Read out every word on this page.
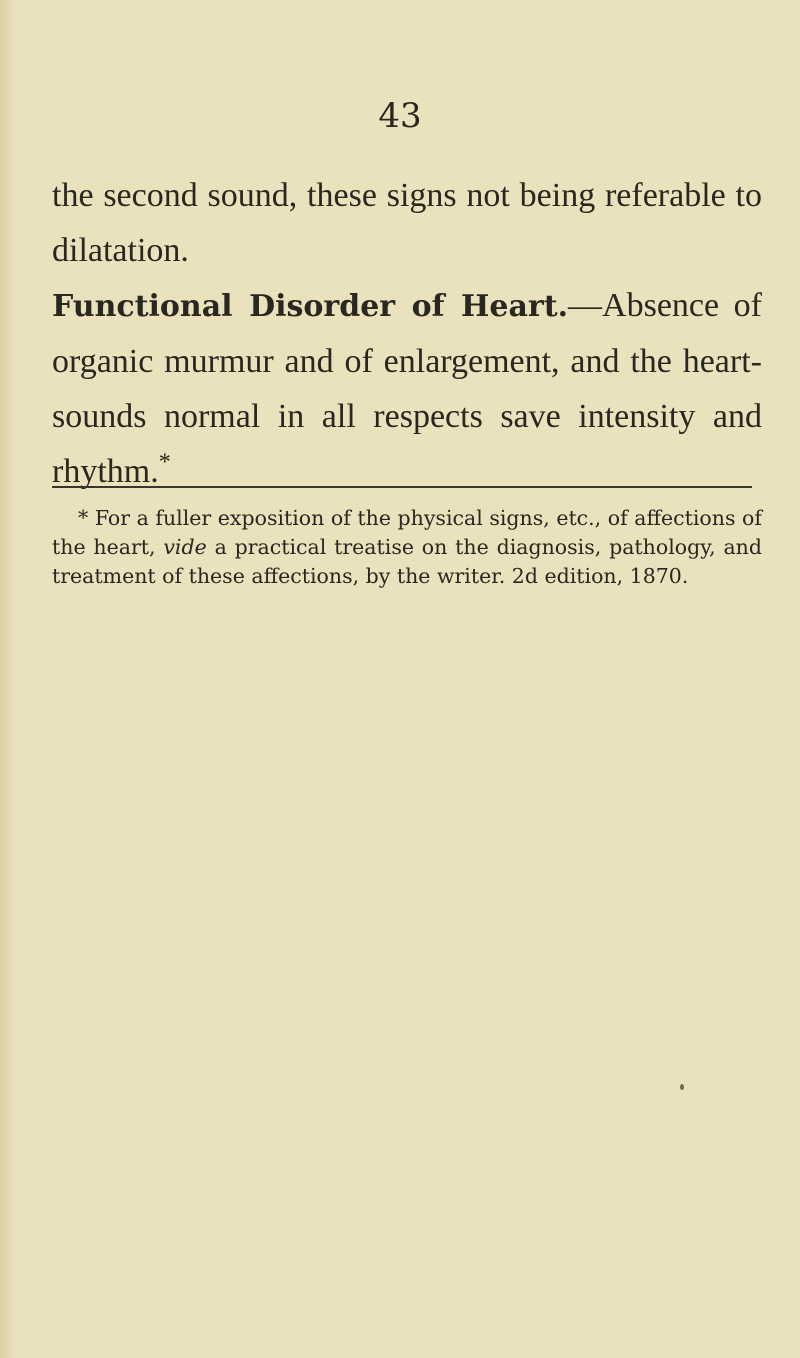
43

the second sound, these signs not being referable to dilatation.

Functional Disorder of Heart.—Absence of organic murmur and of enlargement, and the heart-sounds normal in all respects save intensity and rhythm.*

* For a fuller exposition of the physical signs, etc., of affections of the heart, vide a practical treatise on the diagnosis, pathology, and treatment of these affections, by the writer. 2d edition, 1870.
